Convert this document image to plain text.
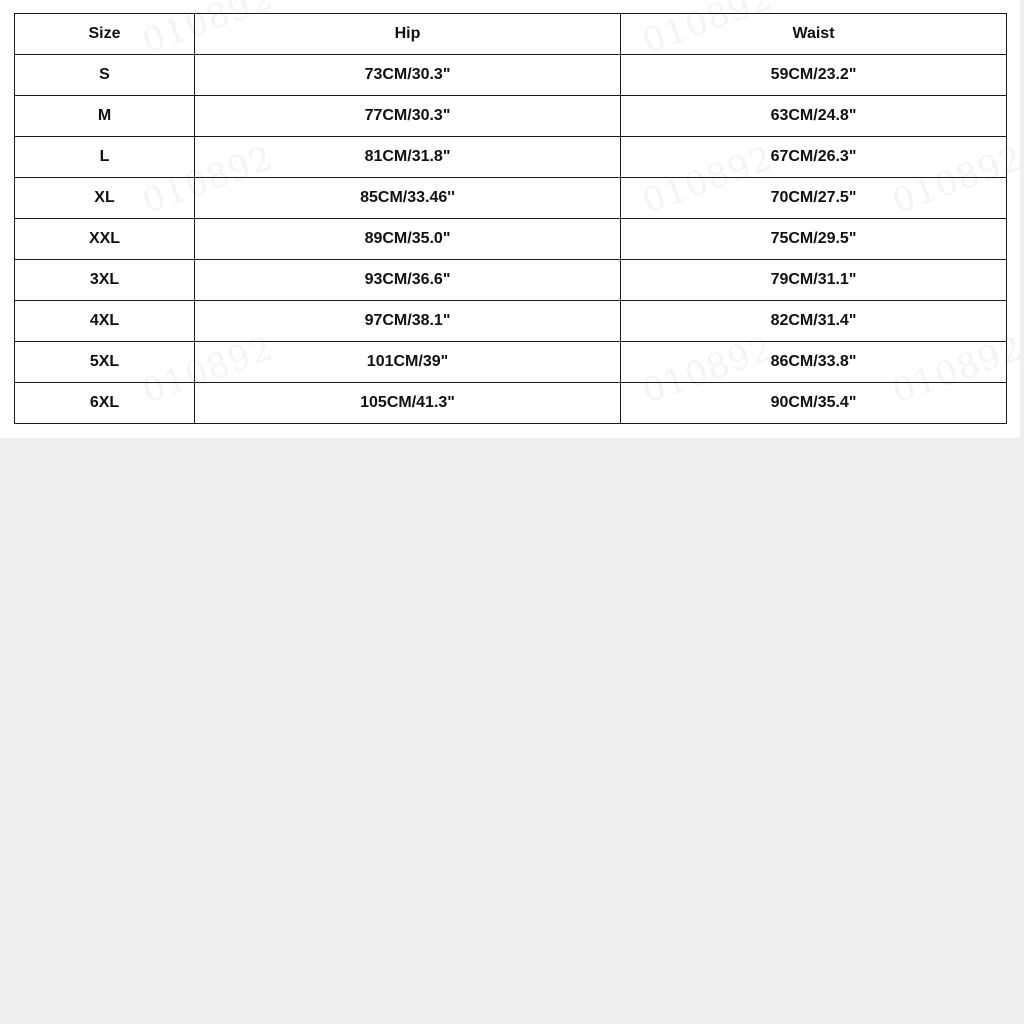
Size	Hip	Waist
S	73CM/30.3"	59CM/23.2"
M	77CM/30.3"	63CM/24.8"
L	81CM/31.8"	67CM/26.3"
XL	85CM/33.46''	70CM/27.5"
XXL	89CM/35.0"	75CM/29.5"
3XL	93CM/36.6"	79CM/31.1"
4XL	97CM/38.1"	82CM/31.4"
5XL	101CM/39"	86CM/33.8"
6XL	105CM/41.3"	90CM/35.4"
